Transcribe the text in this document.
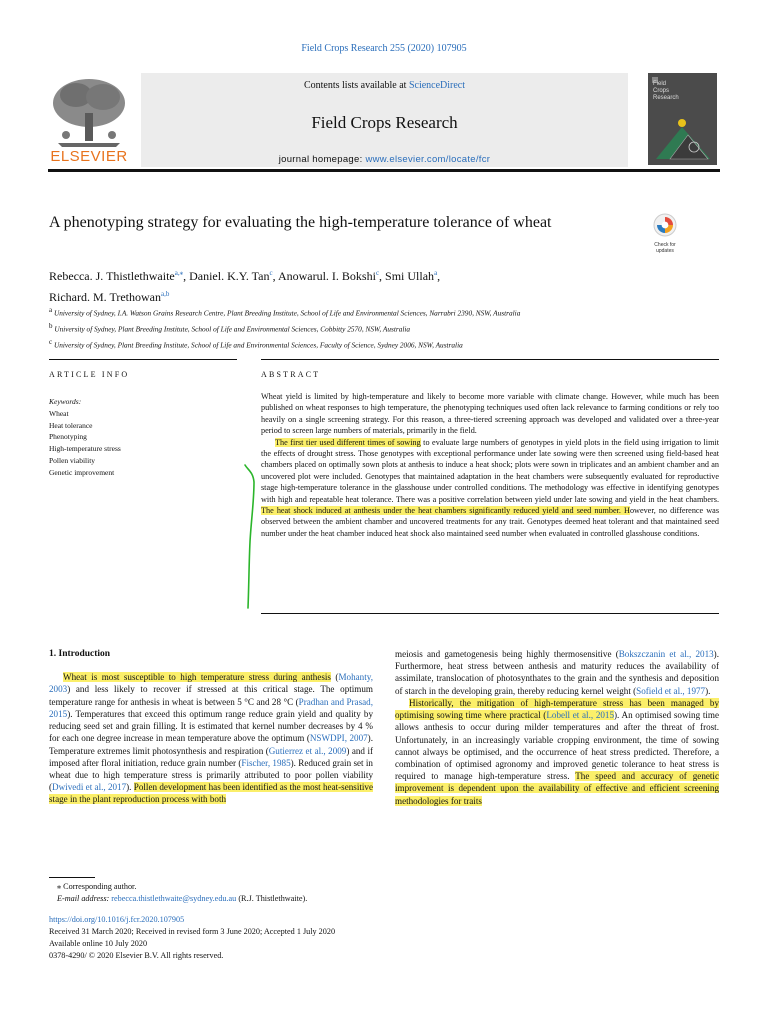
Field Crops Research 255 (2020) 107905
ELSEVIER
Contents lists available at ScienceDirect
Field Crops Research
journal homepage: www.elsevier.com/locate/fcr
Field
Crops
Research
A phenotyping strategy for evaluating the high-temperature tolerance of wheat
Check for
updates
Rebecca. J. Thistlethwaite$^{a,⁎}$, Daniel. K.Y. Tan$^c$, Anowarul. I. Bokshi$^c$, Smi Ullah$^a$,
Richard. M. Trethowan$^{a,b}$
$^a$ University of Sydney, I.A. Watson Grains Research Centre, Plant Breeding Institute, School of Life and Environmental Sciences, Narrabri 2390, NSW, Australia
$^b$ University of Sydney, Plant Breeding Institute, School of Life and Environmental Sciences, Cobbitty 2570, NSW, Australia
$^c$ University of Sydney, Plant Breeding Institute, School of Life and Environmental Sciences, Faculty of Science, Sydney 2006, NSW, Australia
ARTICLE INFO	ABSTRACT
Keywords:
Wheat
Heat tolerance
Phenotyping
High-temperature stress
Pollen viability
Genetic improvement

Wheat yield is limited by high-temperature and likely to become more variable with climate change. However, while much has been published on wheat responses to high temperature, the phenotyping techniques used often lack relevance to farming conditions or rely too heavily on a single screening strategy. For this reason, a three-tiered screening approach was developed and validated over a three-year period to screen large numbers of materials, primarily in the field.

The first tier used different times of sowing to evaluate large numbers of genotypes in yield plots in the field using irrigation to limit the effects of drought stress. Those genotypes with exceptional performance under late sowing were then screened using field-based heat chambers placed on optimally sown plots at anthesis to induce a heat shock; plots were sown in triplicates and an ambient chamber and an uncovered plot were included. Genotypes that maintained adaptation in the heat chambers were subsequently evaluated for reproductive stage high-temperature tolerance in the glasshouse under controlled conditions. The methodology was effective in identifying genotypes with high and repeatable heat tolerance. There was a positive correlation between yield under late sowing and yield in the heat chambers. The heat shock induced at anthesis under the heat chambers significantly reduced yield and seed number. However, no difference was observed between the ambient chamber and uncovered treatments for any trait. Genotypes deemed heat tolerant and that maintained seed number under the heat chamber induced heat shock also maintained seed number when evaluated in controlled glasshouse conditions.

1. Introduction

Wheat is most susceptible to high temperature stress during anthesis (Mohanty, 2003) and less likely to recover if stressed at this critical stage. The optimum temperature range for anthesis in wheat is between 5 °C and 28 °C (Pradhan and Prasad, 2015). Temperatures that exceed this optimum range reduce grain yield and quality by reducing seed set and grain filling. It is estimated that kernel number decreases by 4 % for each one degree increase in mean temperature above the optimum (NSWDPI, 2007). Temperature extremes limit photosynthesis and respiration (Gutierrez et al., 2009) and if imposed after floral initiation, reduce grain number (Fischer, 1985). Reduced grain set in wheat due to high temperature stress is primarily attributed to poor pollen viability (Dwivedi et al., 2017). Pollen development has been identified as the most heat-sensitive stage in the plant reproduction process with both

meiosis and gametogenesis being highly thermosensitive (Bokszczanin et al., 2013). Furthermore, heat stress between anthesis and maturity reduces the availability of assimilate, translocation of photosynthates to the grain and the synthesis and deposition of starch in the developing grain, thereby reducing kernel weight (Sofield et al., 1977).

Historically, the mitigation of high-temperature stress has been managed by optimising sowing time where practical (Lobell et al., 2015). An optimised sowing time allows anthesis to occur during milder temperatures and after the threat of frost. Unfortunately, in an increasingly variable cropping environment, the time of sowing cannot always be optimised, and the occurrence of heat stress predicted. Therefore, a combination of optimised agronomy and improved genetic tolerance to heat stress is required to manage high-temperature stress. The speed and accuracy of genetic improvement is dependent upon the availability of effective and efficient screening methodologies for traits

⁎ Corresponding author.
E-mail address: rebecca.thistlethwaite@sydney.edu.au (R.J. Thistlethwaite).
https://doi.org/10.1016/j.fcr.2020.107905
Received 31 March 2020; Received in revised form 3 June 2020; Accepted 1 July 2020
Available online 10 July 2020
0378-4290/ © 2020 Elsevier B.V. All rights reserved.
